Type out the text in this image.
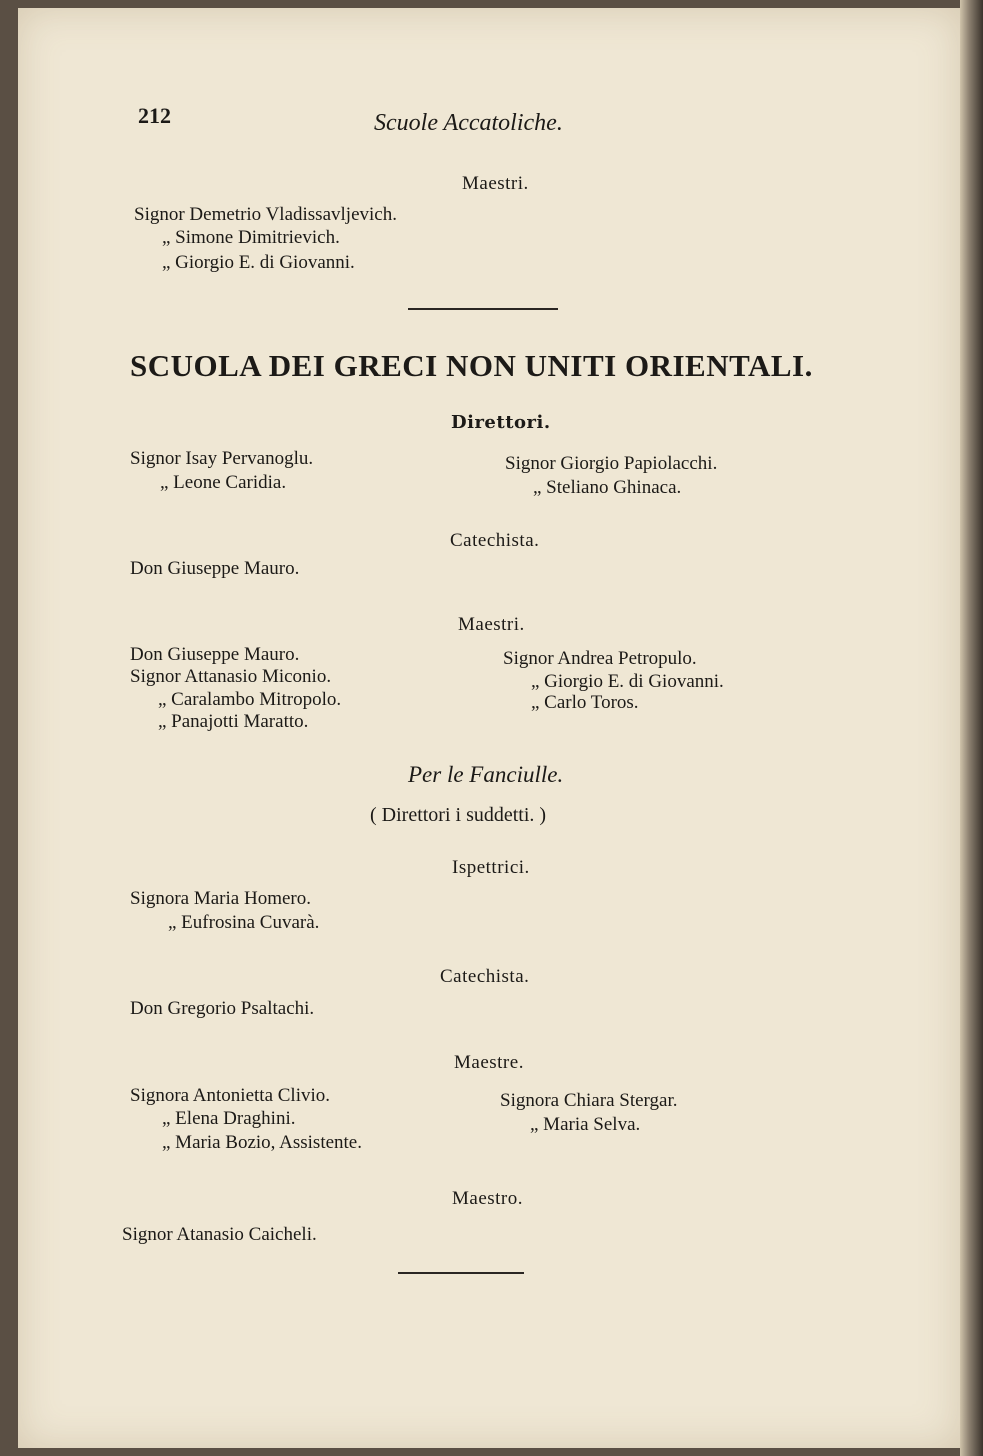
212	Scuole Accatoliche.
Maestri.
Signor Demetrio Vladissavljevich.
„ Simone Dimitrievich.
„ Giorgio E. di Giovanni.
SCUOLA DEI GRECI NON UNITI ORIENTALI.
Direttori.
Signor Isay Pervanoglu.
„ Leone Caridia.
Signor Giorgio Papiolacchi.
„ Steliano Ghinaca.
Catechista.
Don Giuseppe Mauro.
Maestri.
Don Giuseppe Mauro.
Signor Attanasio Miconio.
„ Caralambo Mitropolo.
„ Panajotti Maratto.
Signor Andrea Petropulo.
„ Giorgio E. di Giovanni.
„ Carlo Toros.
Per le Fanciulle.
( Direttori i suddetti. )
Ispettrici.
Signora Maria Homero.
„ Eufrosina Cuvarà.
Catechista.
Don Gregorio Psaltachi.
Maestre.
Signora Antonietta Clivio.
„ Elena Draghini.
„ Maria Bozio, Assistente.
Signora Chiara Stergar.
„ Maria Selva.
Maestro.
Signor Atanasio Caicheli.
